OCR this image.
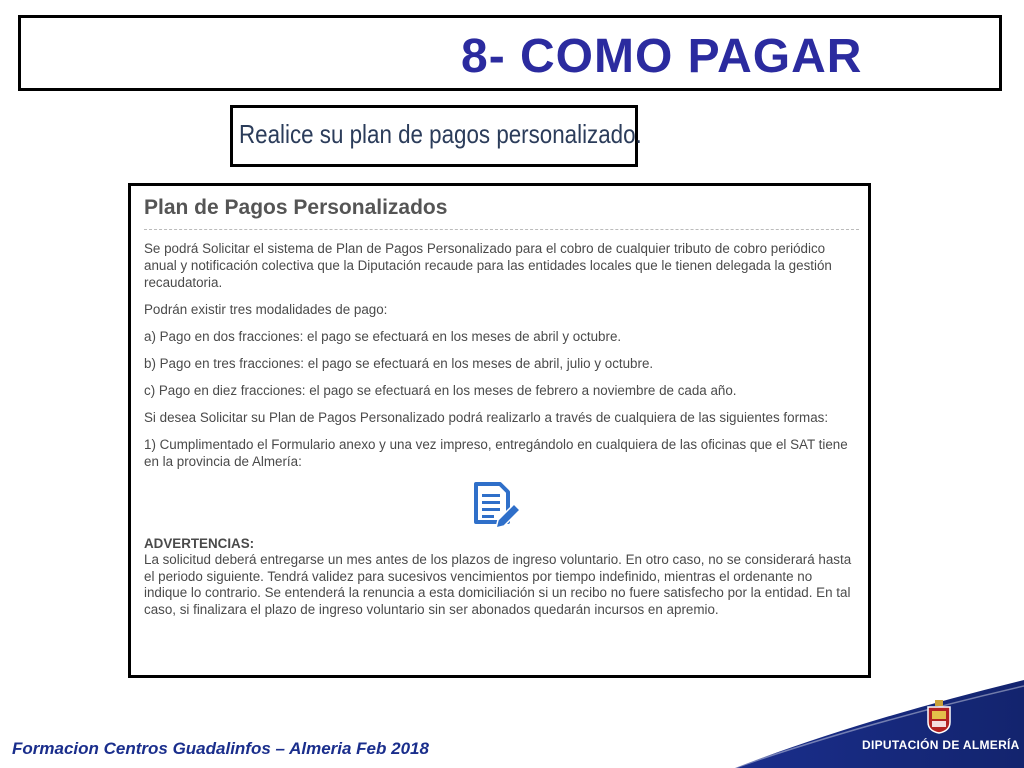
8- COMO PAGAR
Realice su plan de pagos personalizado.
Plan de Pagos Personalizados

Se podrá Solicitar el sistema de Plan de Pagos Personalizado para el cobro de cualquier tributo de cobro periódico anual y notificación colectiva que la Diputación recaude para las entidades locales que le tienen delegada la gestión recaudatoria.

Podrán existir tres modalidades de pago:

a) Pago en dos fracciones: el pago se efectuará en los meses de abril y octubre.

b) Pago en tres fracciones: el pago se efectuará en los meses de abril, julio y octubre.

c) Pago en diez fracciones: el pago se efectuará en los meses de febrero a noviembre de cada año.

Si desea Solicitar su Plan de Pagos Personalizado podrá realizarlo a través de cualquiera de las siguientes formas:

1) Cumplimentado el Formulario anexo y una vez impreso, entregándolo en cualquiera de las oficinas que el SAT tiene en la provincia de Almería:

ADVERTENCIAS:

La solicitud deberá entregarse un mes antes de los plazos de ingreso voluntario. En otro caso, no se considerará hasta el periodo siguiente. Tendrá validez para sucesivos vencimientos por tiempo indefinido, mientras el ordenante no indique lo contrario. Se entenderá la renuncia a esta domiciliación si un recibo no fuere satisfecho por la entidad. En tal caso, si finalizara el plazo de ingreso voluntario sin ser abonados quedarán incursos en apremio.

DIPUTACIÓN DE ALMERÍA
Formacion Centros Guadalinfos – Almeria Feb 2018
